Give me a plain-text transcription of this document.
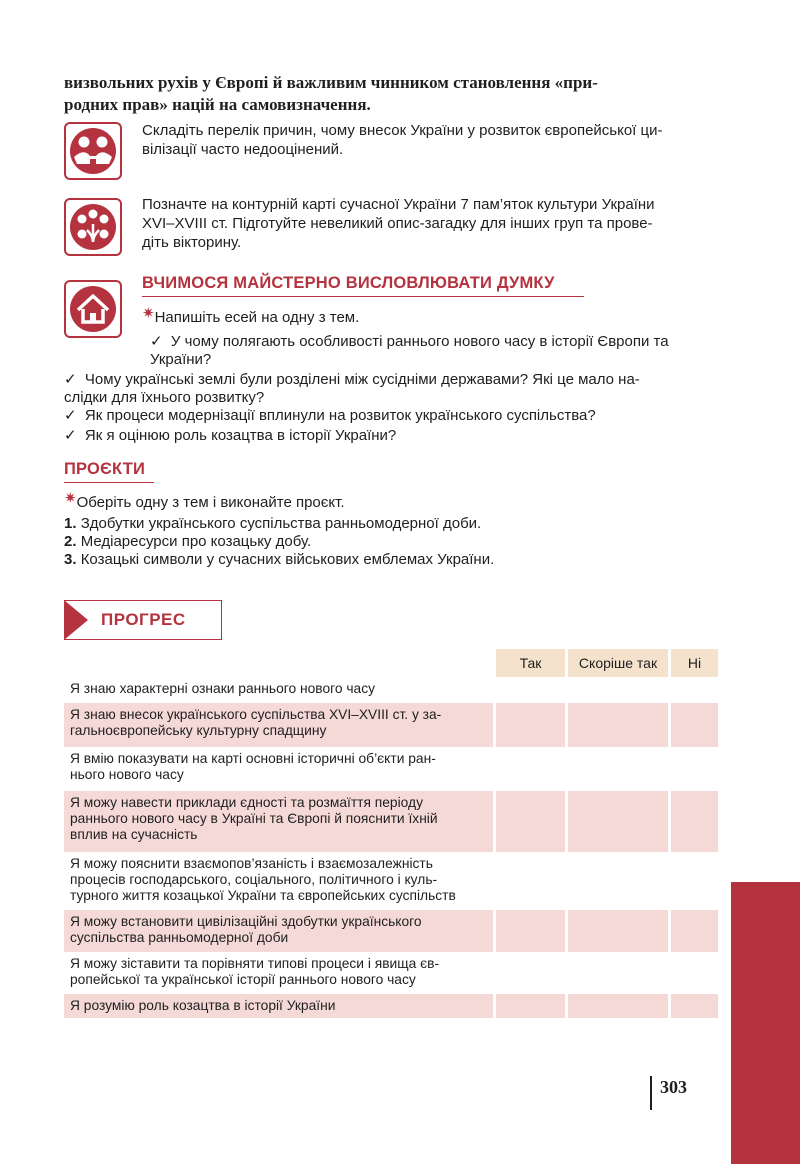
визвольних рухів у Європі й важливим чинником становлення «при-
родних прав» націй на самовизначення.
Складіть перелік причин, чому внесок України у розвиток європейської ци-
вілізації часто недооцінений.
Позначте на контурній карті сучасної України 7 пам’яток культури України
XVI–XVIII ст. Підготуйте невеликий опис-загадку для інших груп та прове-
діть вікторину.
ВЧИМОСЯ МАЙСТЕРНО ВИСЛОВЛЮВАТИ ДУМКУ
✷Напишіть есей на одну з тем.
✓ У чому полягають особливості раннього нового часу в історії Європи та
України?
✓ Чому українські землі були розділені між сусідніми державами? Які це мало на-
слідки для їхнього розвитку?
✓ Як процеси модернізації вплинули на розвиток українського суспільства?
✓ Як я оцінюю роль козацтва в історії України?
ПРОЄКТИ
✷Оберіть одну з тем і виконайте проєкт.
1. Здобутки українського суспільства ранньомодерної доби.
2. Медіаресурси про козацьку добу.
3. Козацькі символи у сучасних військових емблемах України.
ПРОГРЕС
	Так	Скоріше так	Ні
Я знаю характерні ознаки раннього нового часу			
Я знаю внесок українського суспільства XVI–XVIII ст. у за-
гальноєвропейську культурну спадщину			
Я вмію показувати на карті основні історичні об’єкти ран-
нього нового часу			
Я можу навести приклади єдності та розмаїття періоду
раннього нового часу в Україні та Європі й пояснити їхній
вплив на сучасність			
Я можу пояснити взаємопов’язаність і взаємозалежність
процесів господарського, соціального, політичного і куль-
турного життя козацької України та європейських суспільств			
Я можу встановити цивілізаційні здобутки українського
суспільства ранньомодерної доби			
Я можу зіставити та порівняти типові процеси і явища єв-
ропейської та української історії раннього нового часу			
Я розумію роль козацтва в історії України			
303
